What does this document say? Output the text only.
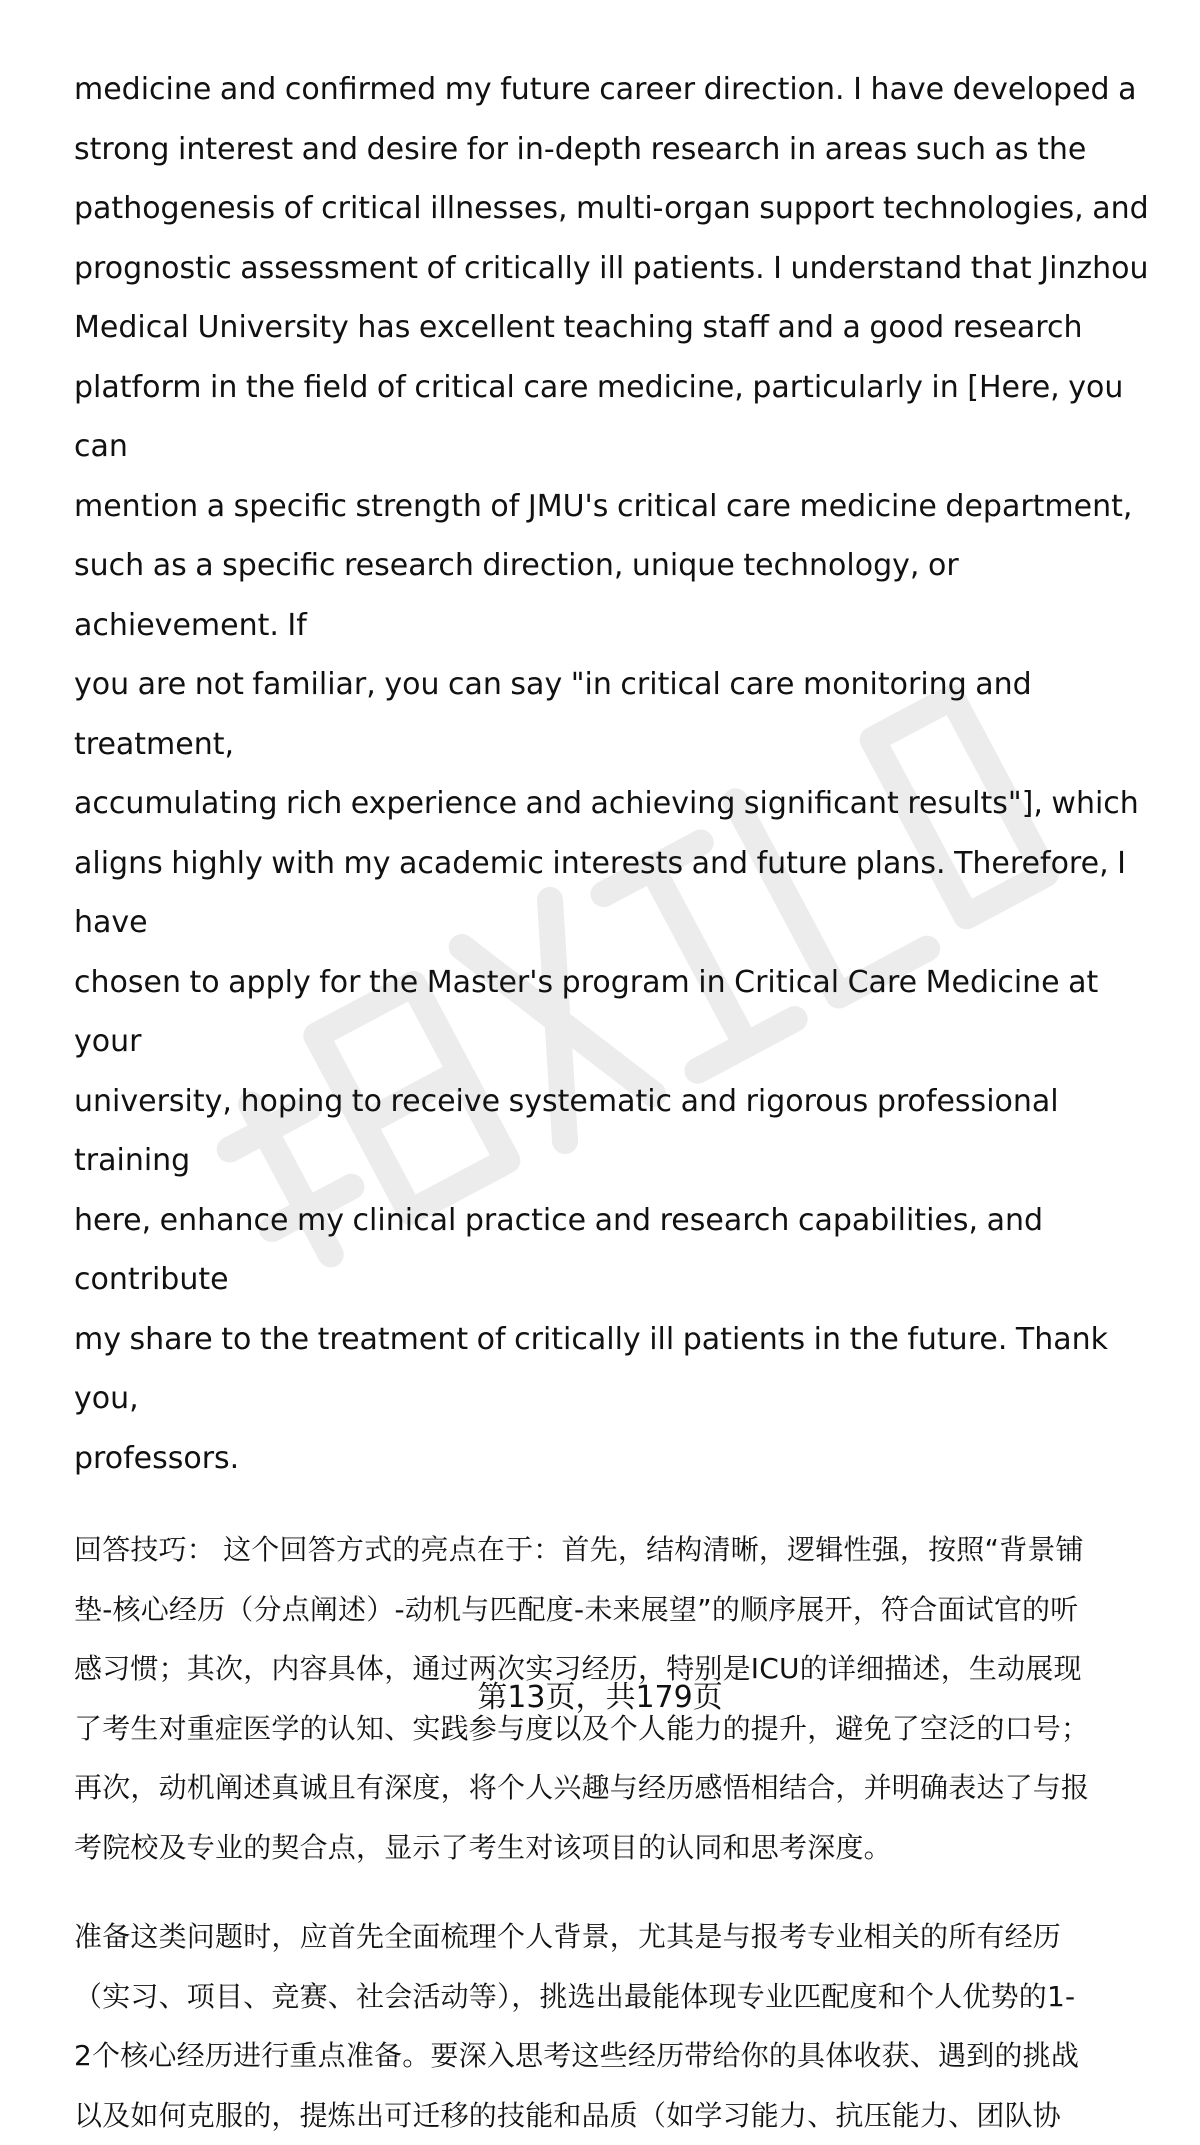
medicine and confirmed my future career direction. I have developed a
strong interest and desire for in-depth research in areas such as the
pathogenesis of critical illnesses, multi-organ support technologies, and
prognostic assessment of critically ill patients. I understand that Jinzhou
Medical University has excellent teaching staff and a good research
platform in the field of critical care medicine, particularly in [Here, you can
mention a specific strength of JMU's critical care medicine department,
such as a specific research direction, unique technology, or achievement. If
you are not familiar, you can say "in critical care monitoring and treatment,
accumulating rich experience and achieving significant results"], which
aligns highly with my academic interests and future plans. Therefore, I have
chosen to apply for the Master's program in Critical Care Medicine at your
university, hoping to receive systematic and rigorous professional training
here, enhance my clinical practice and research capabilities, and contribute
my share to the treatment of critically ill patients in the future. Thank you,
professors.

回答技巧： 这个回答方式的亮点在于：首先，结构清晰，逻辑性强，按照“背景铺
垫-核心经历（分点阐述）-动机与匹配度-未来展望”的顺序展开，符合面试官的听
感习惯；其次，内容具体，通过两次实习经历，特别是ICU的详细描述，生动展现
了考生对重症医学的认知、实践参与度以及个人能力的提升，避免了空泛的口号；
再次，动机阐述真诚且有深度，将个人兴趣与经历感悟相结合，并明确表达了与报
考院校及专业的契合点，显示了考生对该项目的认同和思考深度。

准备这类问题时，应首先全面梳理个人背景，尤其是与报考专业相关的所有经历
（实习、项目、竞赛、社会活动等），挑选出最能体现专业匹配度和个人优势的1-
2个核心经历进行重点准备。要深入思考这些经历带给你的具体收获、遇到的挑战
以及如何克服的，提炼出可迁移的技能和品质（如学习能力、抗压能力、团队协

第13页，共179页
